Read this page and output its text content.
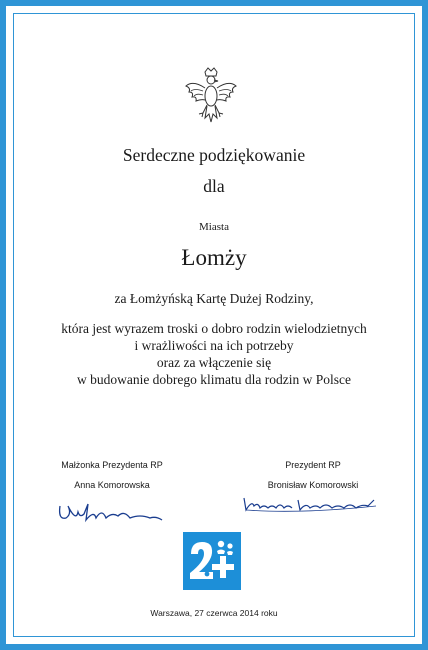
Serdeczne podziękowanie
dla
Miasta
Łomży
za Łomżyńską Kartę Dużej Rodziny,
która jest wyrazem troski o dobro rodzin wielodzietnych
i wrażliwości na ich potrzeby
oraz za włączenie się
w budowanie dobrego klimatu dla rodzin w Polsce
Małżonka Prezydenta RP
Anna Komorowska
Prezydent RP
Bronisław Komorowski
Warszawa, 27 czerwca 2014 roku
